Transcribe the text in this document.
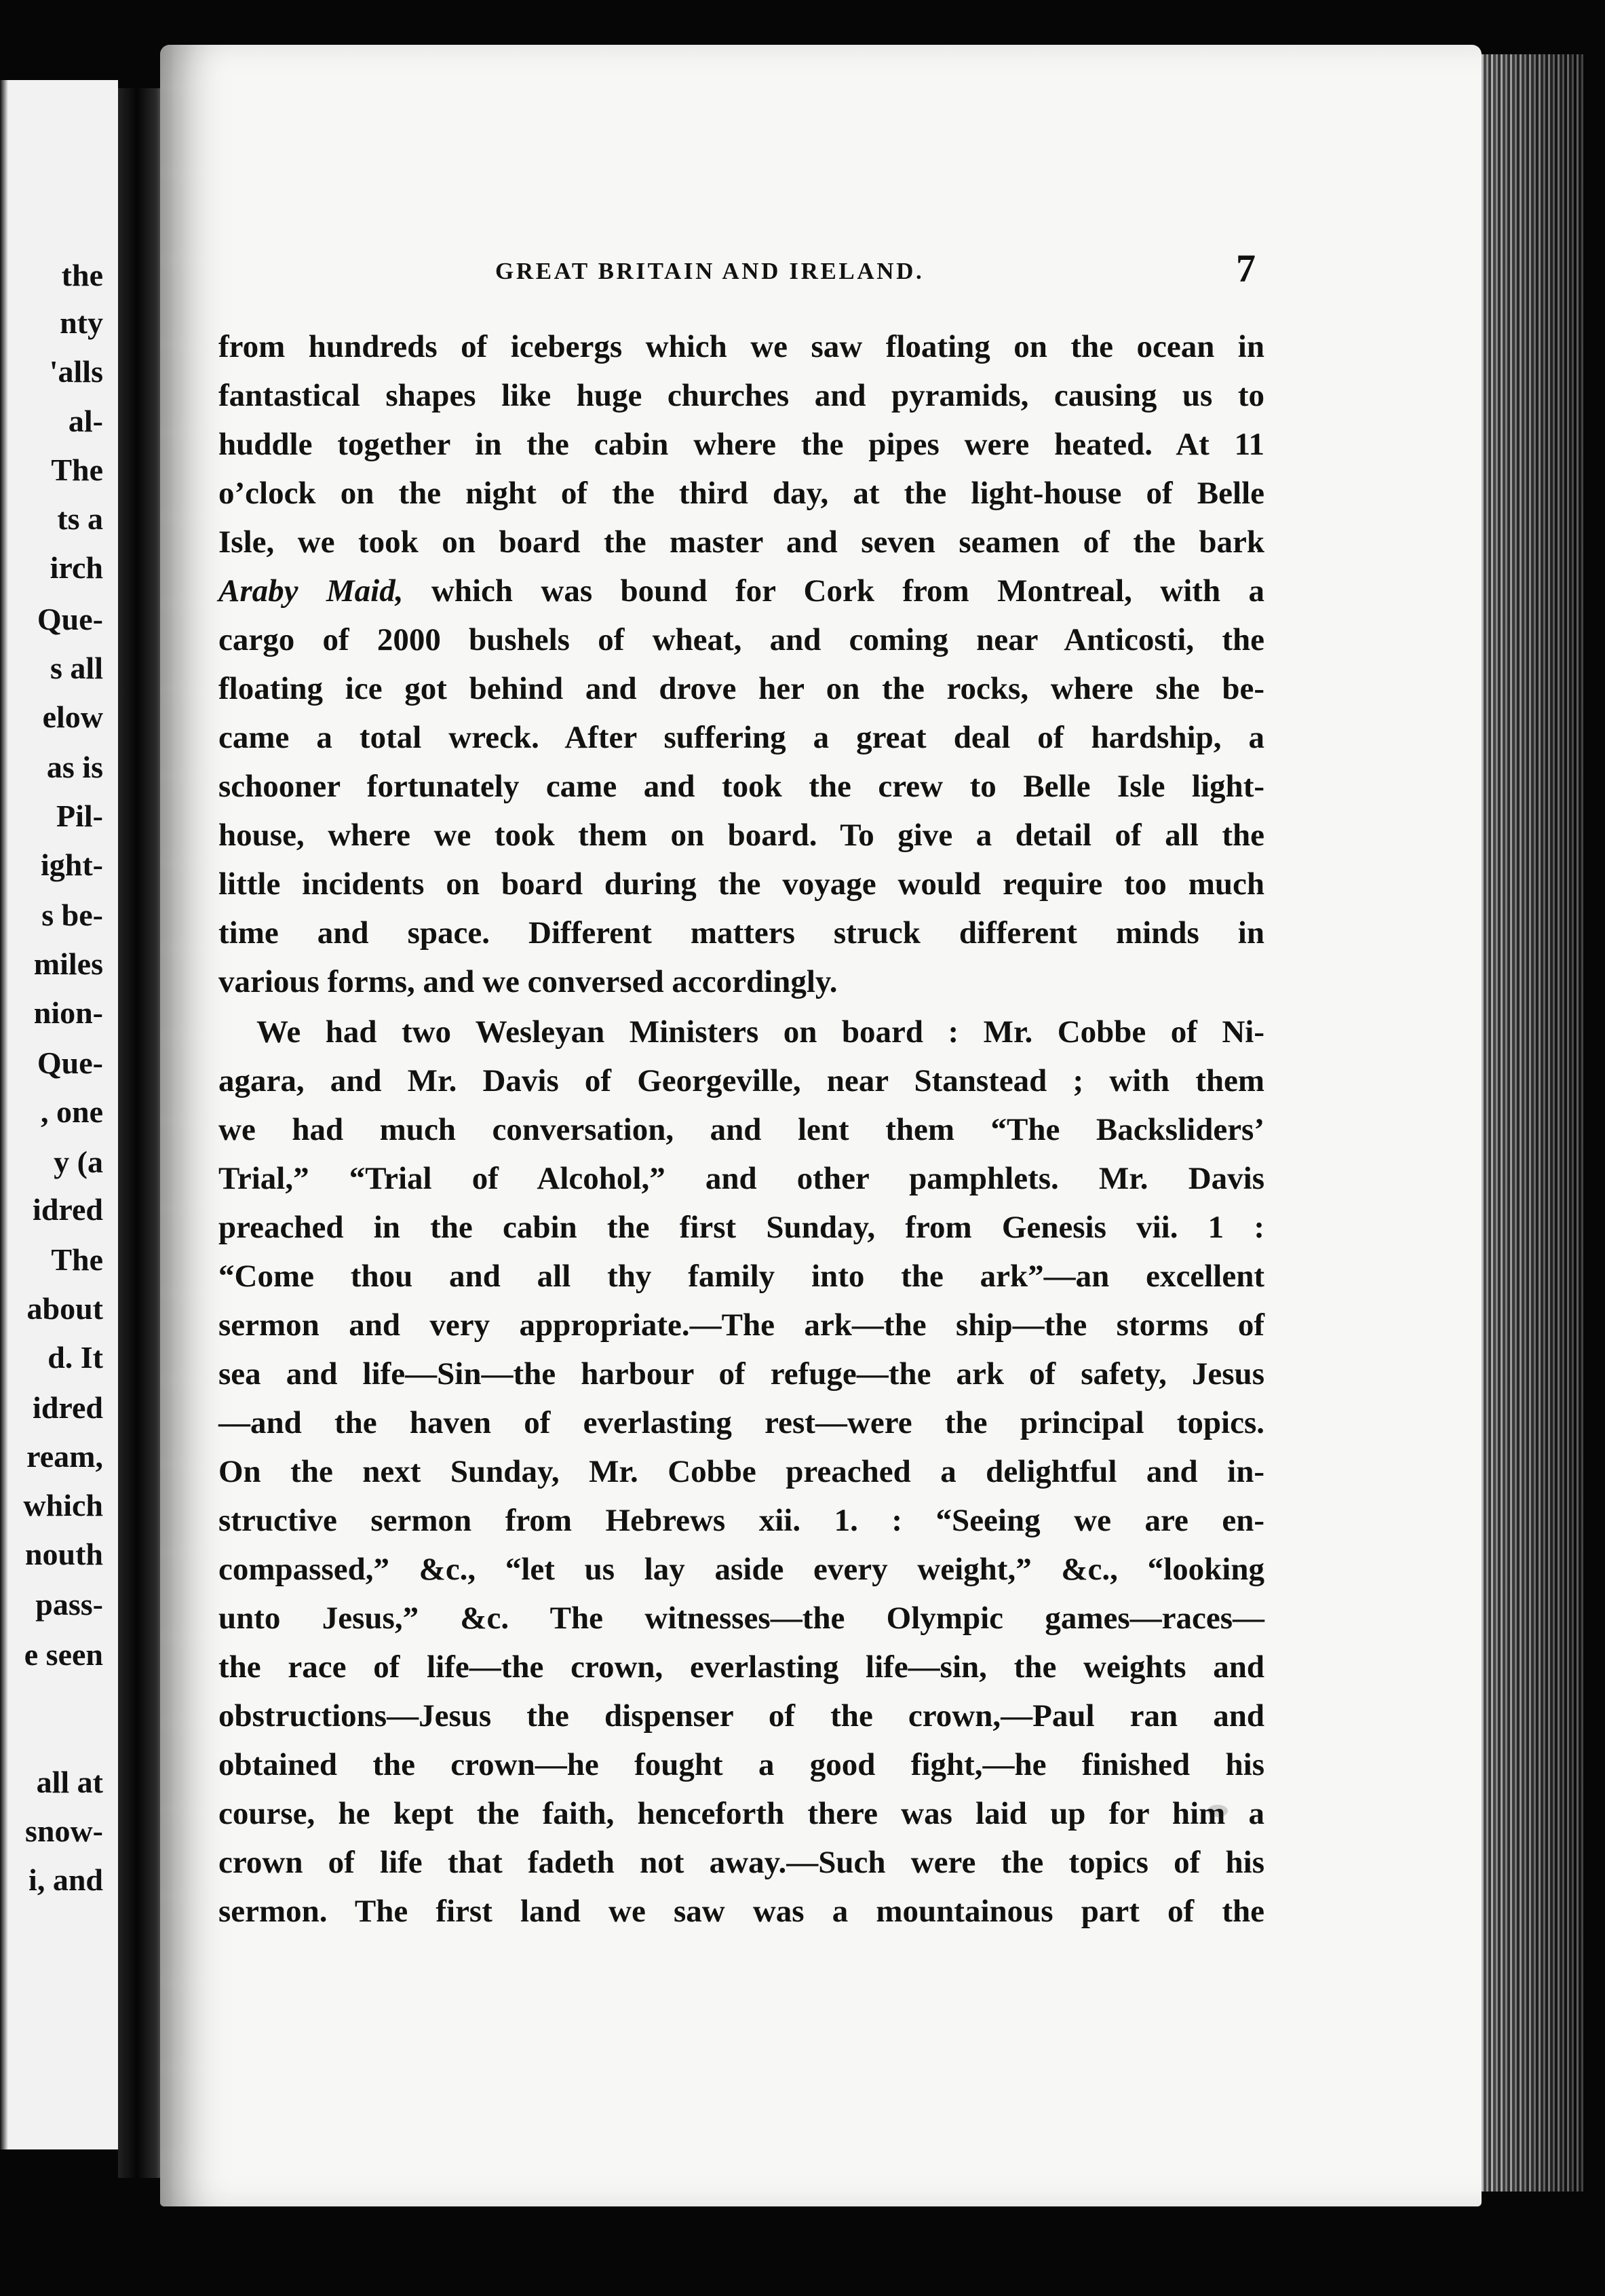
the
nty
'alls
al-
The
ts a
irch
Que-
s all
elow
as is
Pil-
ight-
s be-
miles
nion-
Que-
, one
y (a
idred
The
about
d. It
idred
ream,
which
nouth
pass-
e seen
all at
snow-
i, and
GREAT BRITAIN AND IRELAND.	7
from hundreds of icebergs which we saw floating on the ocean in
fantastical shapes like huge churches and pyramids, causing us to
huddle together in the cabin where the pipes were heated. At 11
o’clock on the night of the third day, at the light-house of Belle
Isle, we took on board the master and seven seamen of the bark
Araby Maid, which was bound for Cork from Montreal, with a
cargo of 2000 bushels of wheat, and coming near Anticosti, the
floating ice got behind and drove her on the rocks, where she be-
came a total wreck. After suffering a great deal of hardship, a
schooner fortunately came and took the crew to Belle Isle light-
house, where we took them on board. To give a detail of all the
little incidents on board during the voyage would require too much
time and space. Different matters struck different minds in
various forms, and we conversed accordingly.
We had two Wesleyan Ministers on board : Mr. Cobbe of Ni-
agara, and Mr. Davis of Georgeville, near Stanstead ; with them
we had much conversation, and lent them “The Backsliders’
Trial,” “Trial of Alcohol,” and other pamphlets. Mr. Davis
preached in the cabin the first Sunday, from Genesis vii. 1 :
“Come thou and all thy family into the ark”—an excellent
sermon and very appropriate.—The ark—the ship—the storms of
sea and life—Sin—the harbour of refuge—the ark of safety, Jesus
—and the haven of everlasting rest—were the principal topics.
On the next Sunday, Mr. Cobbe preached a delightful and in-
structive sermon from Hebrews xii. 1. : “Seeing we are en-
compassed,” &c., “let us lay aside every weight,” &c., “looking
unto Jesus,” &c. The witnesses—the Olympic games—races—
the race of life—the crown, everlasting life—sin, the weights and
obstructions—Jesus the dispenser of the crown,—Paul ran and
obtained the crown—he fought a good fight,—he finished his
course, he kept the faith, henceforth there was laid up for him a
crown of life that fadeth not away.—Such were the topics of his
sermon. The first land we saw was a mountainous part of the
